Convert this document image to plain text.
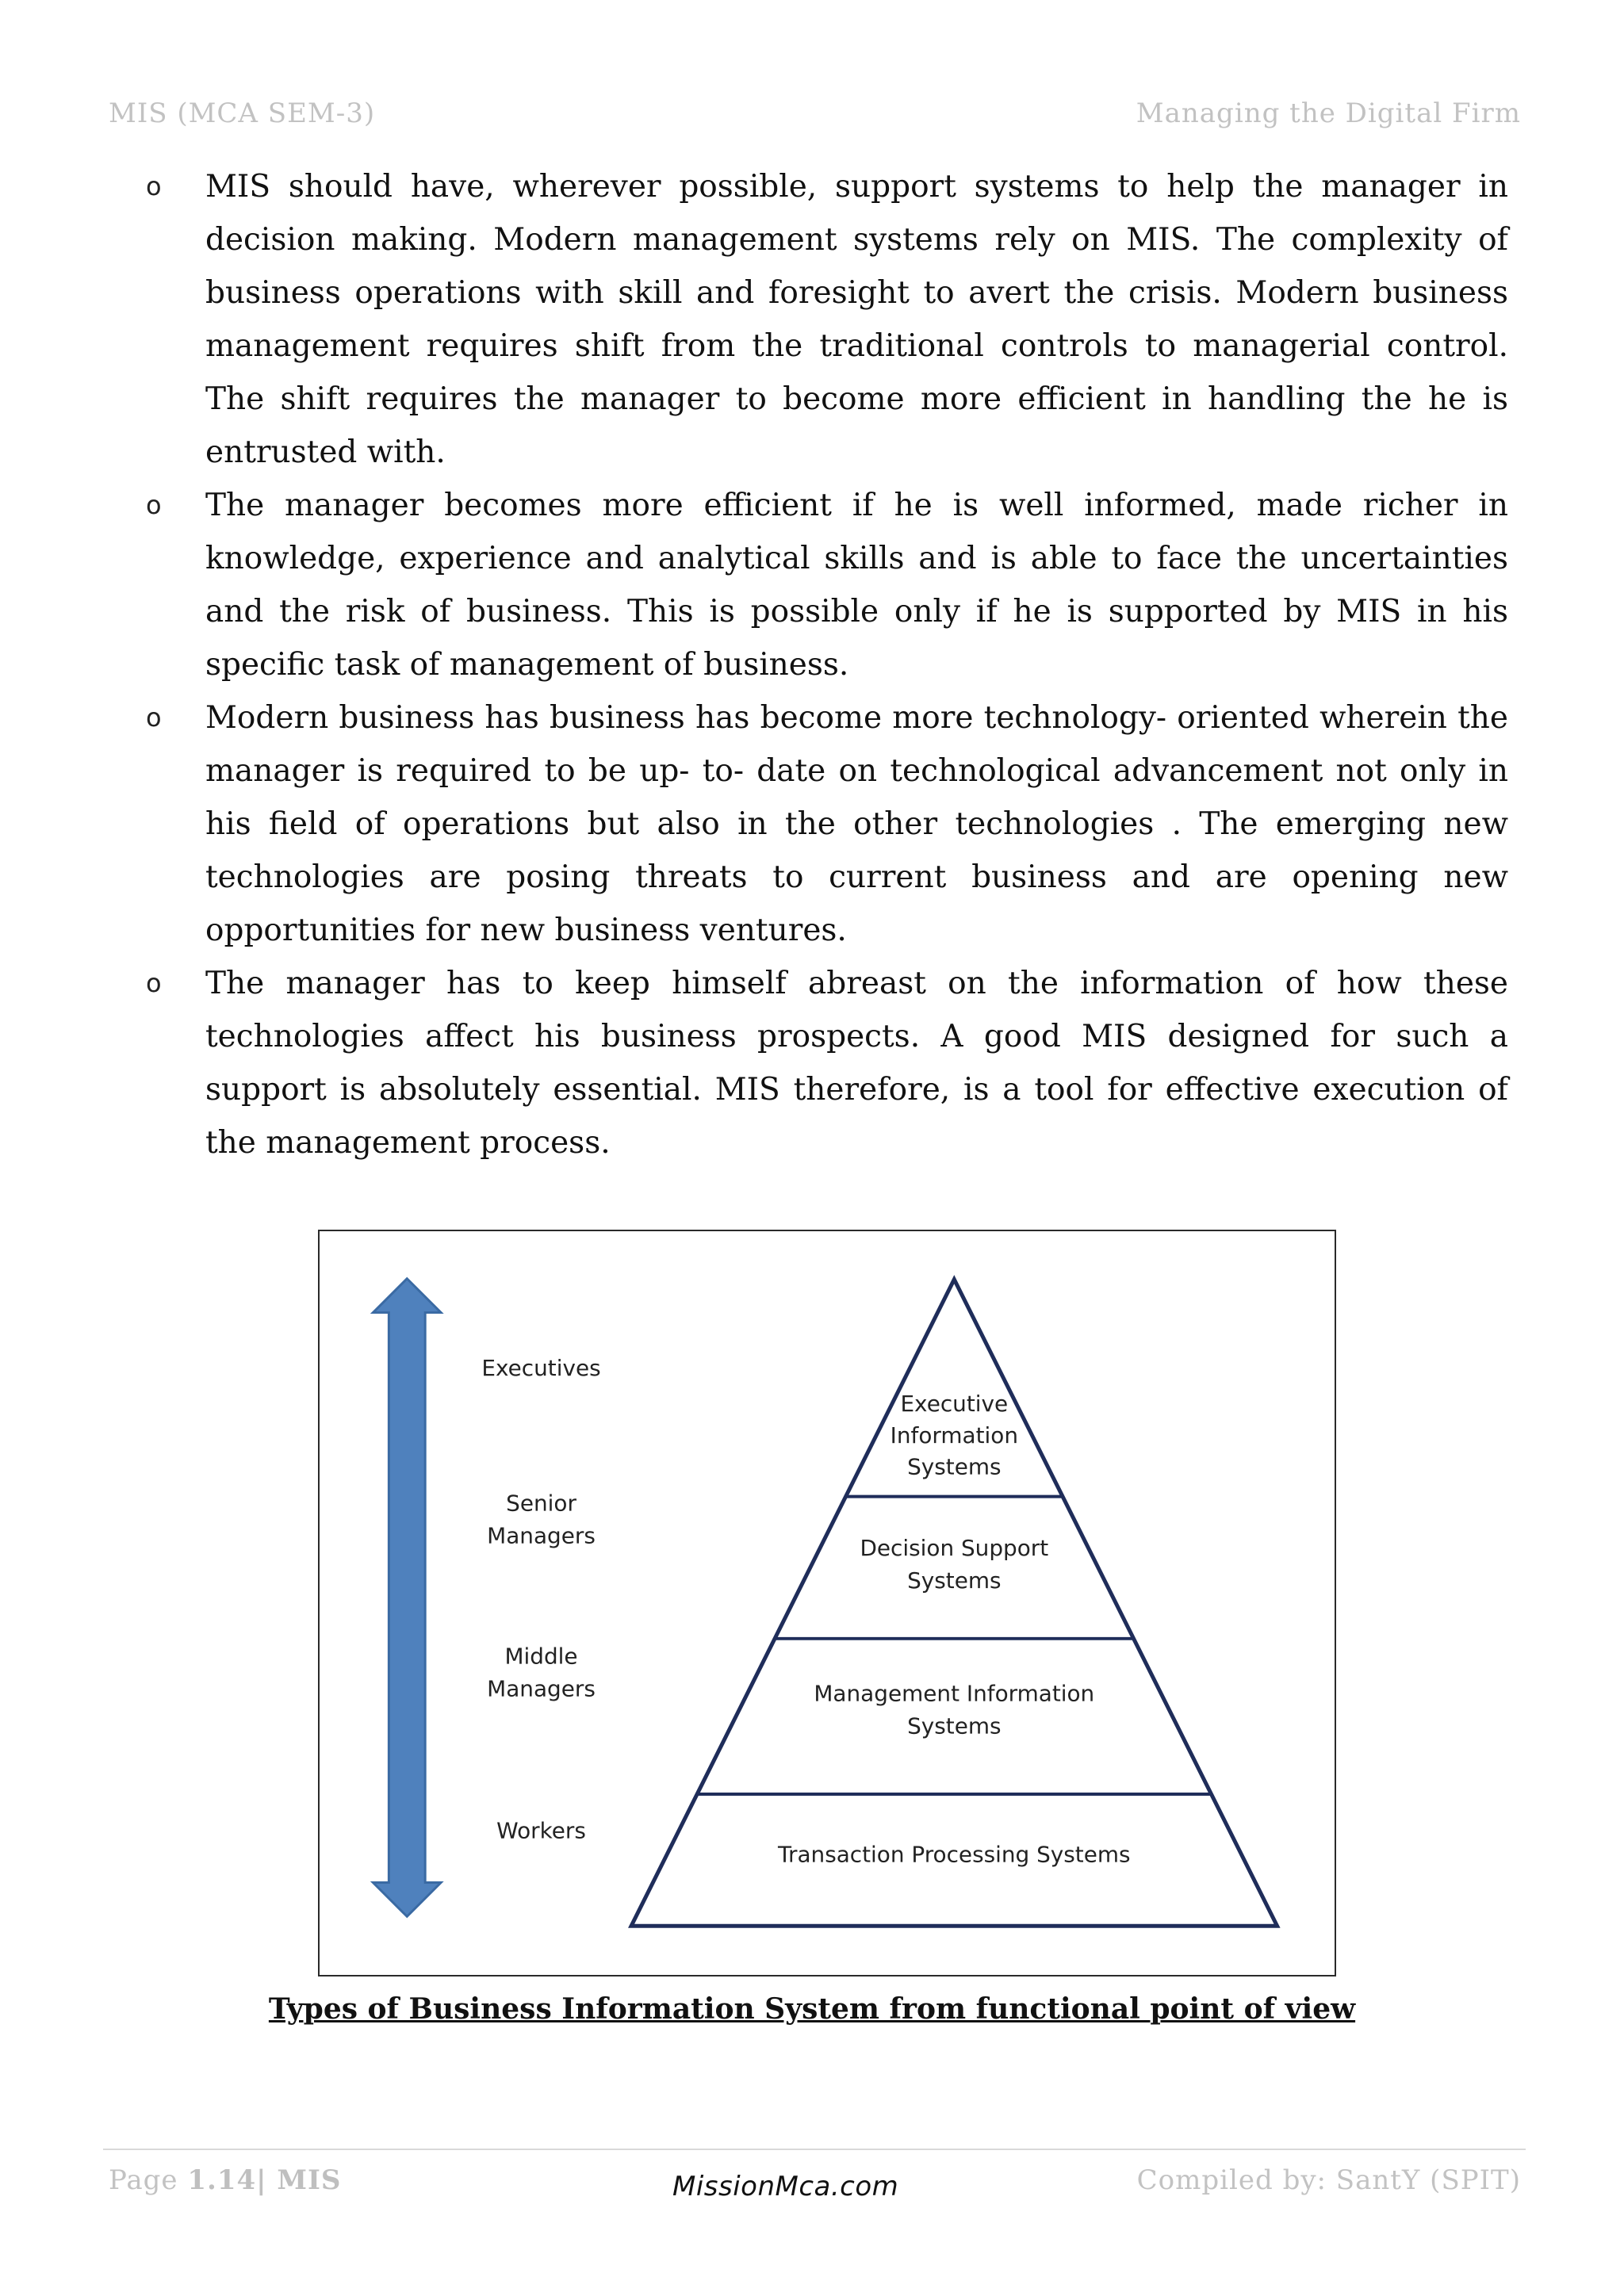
MIS (MCA SEM-3)	Managing the Digital Firm
o MIS should have, wherever possible, support systems to help the manager in decision making. Modern management systems rely on MIS. The complexity of business operations with skill and foresight to avert the crisis. Modern business management requires shift from the traditional controls to managerial control. The shift requires the manager to become more efficient in handling the he is entrusted with.
o The manager becomes more efficient if he is well informed, made richer in knowledge, experience and analytical skills and is able to face the uncertainties and the risk of business. This is possible only if he is supported by MIS in his specific task of management of business.
o Modern business has business has become more technology- oriented wherein the manager is required to be up- to- date on technological advancement not only in his field of operations but also in the other technologies . The emerging new technologies are posing threats to current business and are opening new opportunities for new business ventures.
o The manager has to keep himself abreast on the information of how these technologies affect his business prospects. A good MIS designed for such a support is absolutely essential. MIS therefore, is a tool for effective execution of the management process.
Executives
Senior
Managers
Middle
Managers
Workers
Executive
Information
Systems
Decision Support
Systems
Management Information
Systems
Transaction Processing Systems
Types of Business Information System from functional point of view
Page 1.14| MIS	Compiled by: SantY (SPIT)
MissionMca.com
